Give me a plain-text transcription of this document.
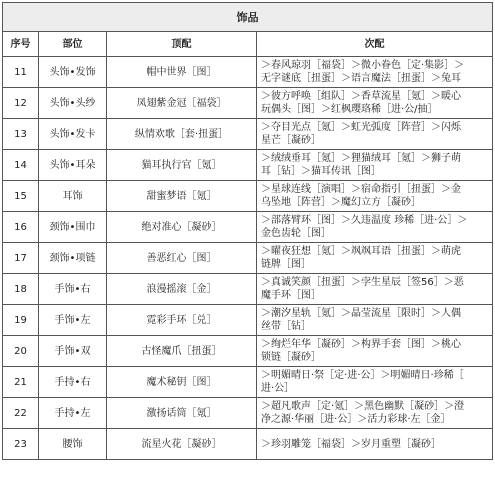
饰品			
序号	部位	顶配	次配
11	头饰•发饰	帽中世界［图］	＞春风琼羽［福袋］＞微小眷色［定·集影］＞
无字谜底［扭蛋］＞语言魔法［扭蛋］＞兔耳

12	头饰•头纱	凤翅紫金冠［福袋］	＞彼方呼唤［组队］＞香草流星［氪］＞暖心
玩偶头［图］＞红枫瓔珞稀［进·公/抽］

13	头饰•发卡	纵情欢歌［套·扭蛋］	＞夺目光点［氪］＞虹光弧度［阵营］＞闪烁
星芒［凝砂］

14	头饰•耳朵	猫耳执行官［氪］	＞绒绒垂耳［氪］＞狸猫绒耳［氪］＞狮子萌
耳［钻］＞猫耳传讯［图］

15	耳饰	甜蜜梦语［氪］	＞星球连线［演唱］＞宿命指引［扭蛋］＞金
乌坠地［阵营］＞魔幻立方［凝砂］

16	颈饰•围巾	绝对准心［凝砂］	＞部落臂环［图］＞久违温度 珍稀［进·公］＞
金色齿轮［图］

17	颈饰•项链	善恶红心［图］	＞曜夜狂想［氪］＞飒飒耳语［扭蛋］＞萌虎
链牌［图］

18	手饰•右	浪漫摇滚［金］	＞真诚笑颜［扭蛋］＞孛生星辰［签56］＞恶
魔手环［图］

19	手饰•左	霓彩手环［兑］	＞潮汐星轨［氪］＞晶莹流星［限时］＞人偶
丝带［钻］

20	手饰•双	古怪魔爪［扭蛋］	＞绚烂年华［凝砂］＞构界手套［图］＞桃心
锁链［凝砂］

21	手持•右	魔术秘钥［图］	＞明媚晴日·祭［定·进·公］＞明媚晴日·珍稀［
进·公］

22	手持•左	激扬话筒［氪］	＞超凡歌声［定·氪］＞黑色幽默［凝砂］＞澄
净之源·华丽［进·公］＞活力彩球·左［金］

23	腰饰	流星火花［凝砂］	＞珍羽雕笼［福袋］＞岁月重塑［凝砂］
